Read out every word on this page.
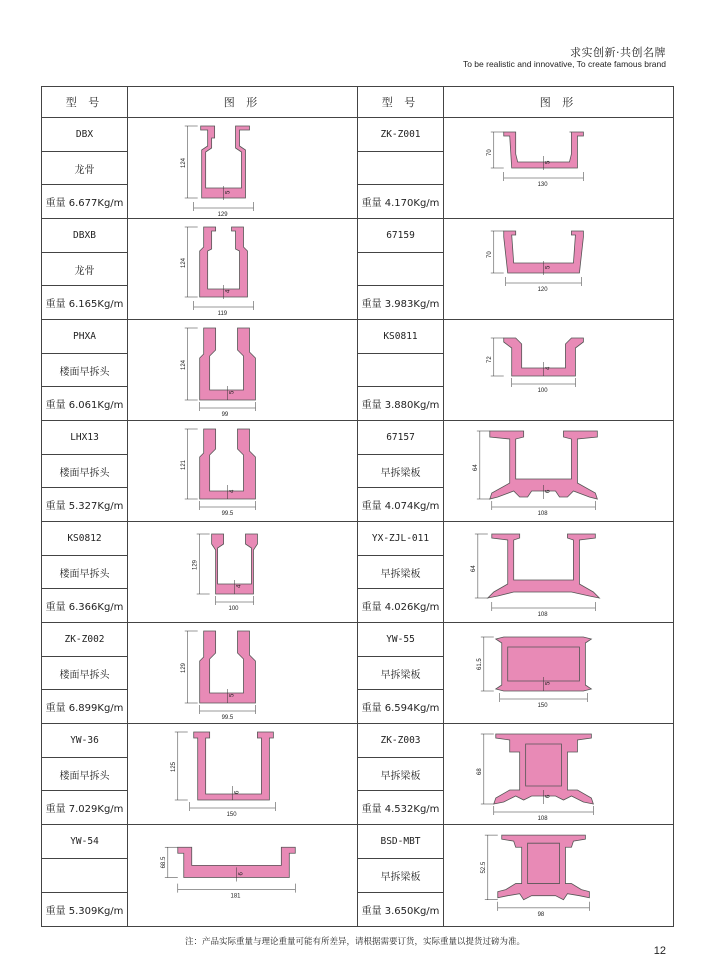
求实创新·共创名牌
To be realistic and innovative, To create famous brand
型 号	图 形
DBX
龙骨
重量 6.677Kg/m
124
129
5
DBXB
龙骨
重量 6.165Kg/m
124
119
4
PHXA
楼面早拆头
重量 6.061Kg/m
124
99
5
LHX13
楼面早拆头
重量 5.327Kg/m
121
99.5
4
KS0812
楼面早拆头
重量 6.366Kg/m
129
100
4
ZK-Z002
楼面早拆头
重量 6.899Kg/m
129
99.5
5
YW-36
楼面早拆头
重量 7.029Kg/m
125
150
6
YW-54
重量 5.309Kg/m
68.5
181
6
型 号	图 形
ZK-Z001
重量 4.170Kg/m
70
130
5
67159
重量 3.983Kg/m
70
120
5
KS0811
重量 3.880Kg/m
72
100
4
67157
早拆梁板
重量 4.074Kg/m
64
108
6
YX-ZJL-011
早拆梁板
重量 4.026Kg/m
64
108
YW-55
早拆梁板
重量 6.594Kg/m
61.5
150
5
ZK-Z003
早拆梁板
重量 4.532Kg/m
68
108
6
BSD-MBT
早拆梁板
重量 3.650Kg/m
52.5
98
注：产品实际重量与理论重量可能有所差异，请根据需要订货，实际重量以提货过磅为准。
12
